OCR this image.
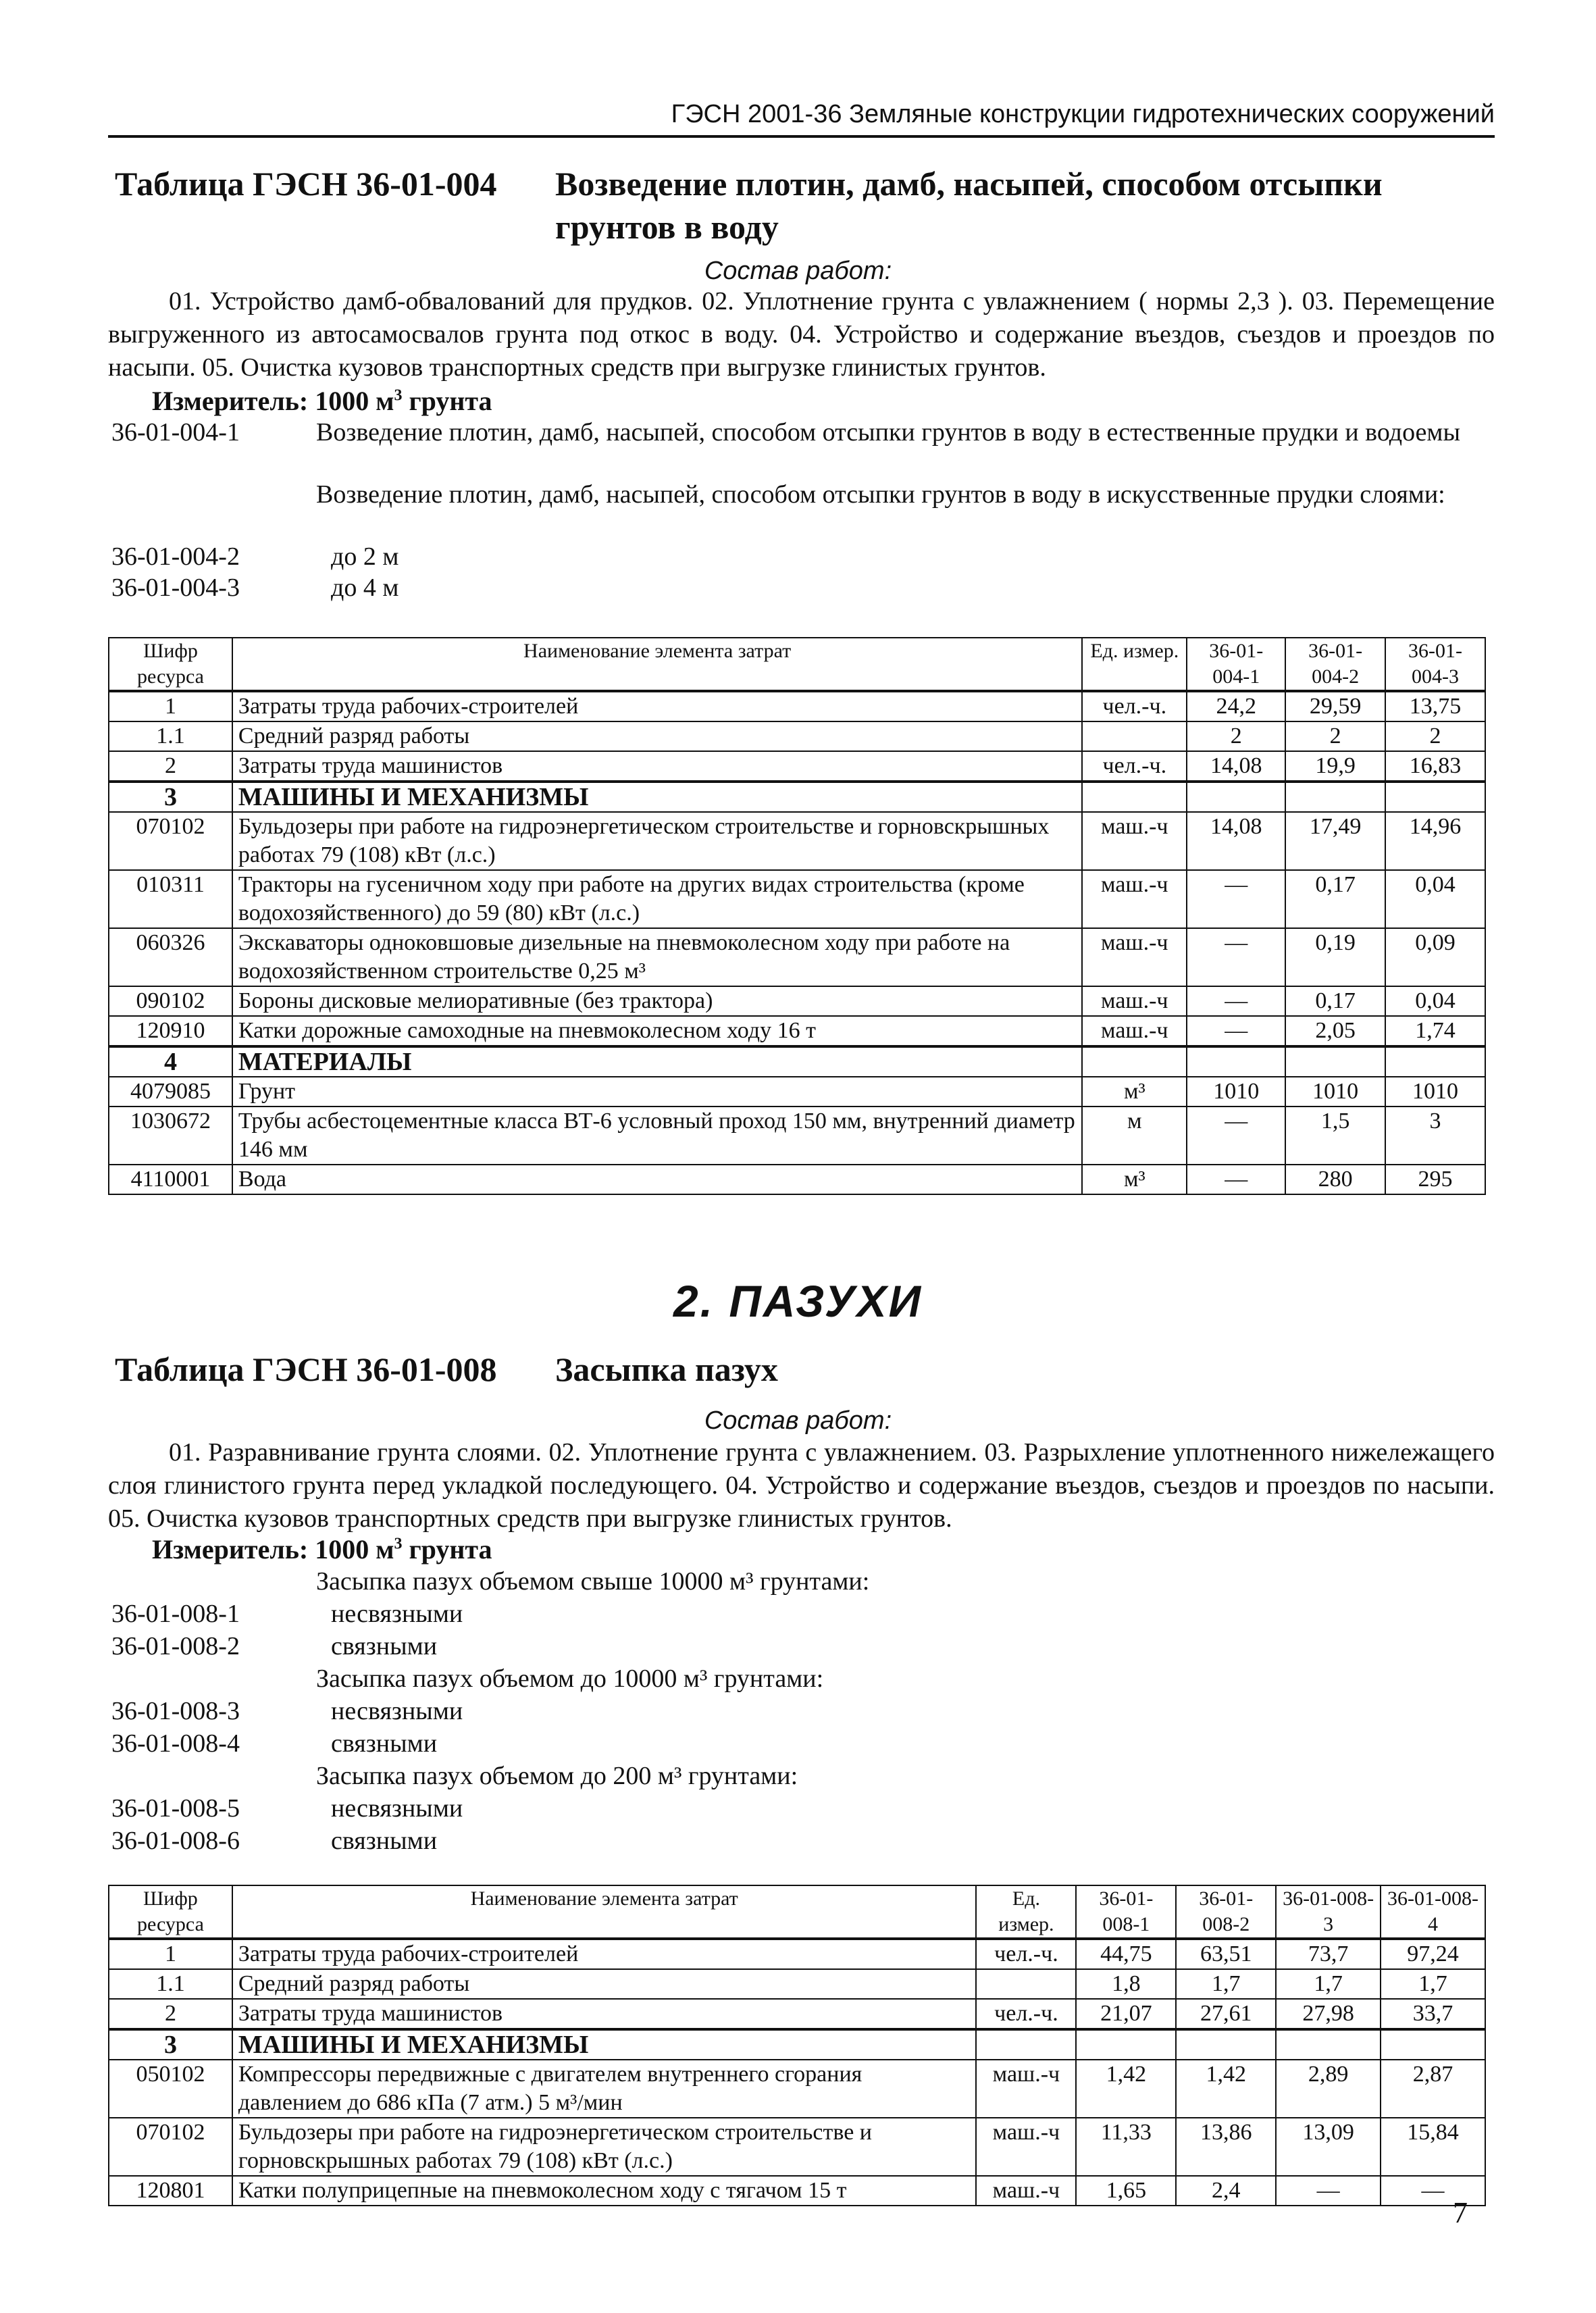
ГЭСН 2001-36 Земляные конструкции гидротехнических сооружений
Таблица ГЭСН 36-01-004 Возведение плотин, дамб, насыпей, способом отсыпки грунтов в воду
Состав работ:
01. Устройство дамб-обвалований для прудков. 02. Уплотнение грунта с увлажнением ( нормы 2,3 ). 03. Перемещение выгруженного из автосамосвалов грунта под откос в воду. 04. Устройство и содержание въездов, съездов и проездов по насыпи. 05. Очистка кузовов транспортных средств при выгрузке глинистых грунтов.
Измеритель: 1000 $м^3$ грунта
36-01-004-1	Возведение плотин, дамб, насыпей, способом отсыпки грунтов в воду в естественные прудки и водоемы
Возведение плотин, дамб, насыпей, способом отсыпки грунтов в воду в искусственные прудки слоями:
36-01-004-2	до 2 м
36-01-004-3	до 4 м
Шифр ресурса	Наименование элемента затрат	Ед. измер.	36-01-004-1	36-01-004-2	36-01-004-3
1	Затраты труда рабочих-строителей	чел.-ч.	24,2	29,59	13,75
1.1	Средний разряд работы		2	2	2
2	Затраты труда машинистов	чел.-ч.	14,08	19,9	16,83
3	МАШИНЫ И МЕХАНИЗМЫ				
070102	Бульдозеры при работе на гидроэнергетическом строительстве и горновскрышных работах 79 (108) кВт (л.с.)	маш.-ч	14,08	17,49	14,96
010311	Тракторы на гусеничном ходу при работе на других видах строительства (кроме водохозяйственного) до 59 (80) кВт (л.с.)	маш.-ч	—	0,17	0,04
060326	Экскаваторы одноковшовые дизельные на пневмоколесном ходу при работе на водохозяйственном строительстве 0,25 м³	маш.-ч	—	0,19	0,09
090102	Бороны дисковые мелиоративные (без трактора)	маш.-ч	—	0,17	0,04
120910	Катки дорожные самоходные на пневмоколесном ходу 16 т	маш.-ч	—	2,05	1,74
4	МАТЕРИАЛЫ				
4079085	Грунт	м³	1010	1010	1010
1030672	Трубы асбестоцементные класса ВТ-6 условный проход 150 мм, внутренний диаметр 146 мм	м	—	1,5	3
4110001	Вода	м³	—	280	295
2. ПАЗУХИ
Таблица ГЭСН 36-01-008 Засыпка пазух
Состав работ:
01. Разравнивание грунта слоями. 02. Уплотнение грунта с увлажнением. 03. Разрыхление уплотненного нижележащего слоя глинистого грунта перед укладкой последующего. 04. Устройство и содержание въездов, съездов и проездов по насыпи. 05. Очистка кузовов транспортных средств при выгрузке глинистых грунтов.
Измеритель: 1000 $м^3$ грунта
Засыпка пазух объемом свыше 10000 м³ грунтами:
36-01-008-1	несвязными
36-01-008-2	связными
Засыпка пазух объемом до 10000 м³ грунтами:
36-01-008-3	несвязными
36-01-008-4	связными
Засыпка пазух объемом до 200 м³ грунтами:
36-01-008-5	несвязными
36-01-008-6	связными
Шифр ресурса	Наименование элемента затрат	Ед. измер.	36-01-008-1	36-01-008-2	36-01-008-3	36-01-008-4
1	Затраты труда рабочих-строителей	чел.-ч.	44,75	63,51	73,7	97,24
1.1	Средний разряд работы		1,8	1,7	1,7	1,7
2	Затраты труда машинистов	чел.-ч.	21,07	27,61	27,98	33,7
3	МАШИНЫ И МЕХАНИЗМЫ					
050102	Компрессоры передвижные с двигателем внутреннего сгорания давлением до 686 кПа (7 атм.) 5 м³/мин	маш.-ч	1,42	1,42	2,89	2,87
070102	Бульдозеры при работе на гидроэнергетическом строительстве и горновскрышных работах 79 (108) кВт (л.с.)	маш.-ч	11,33	13,86	13,09	15,84
120801	Катки полуприцепные на пневмоколесном ходу с тягачом 15 т	маш.-ч	1,65	2,4	—	—
7
